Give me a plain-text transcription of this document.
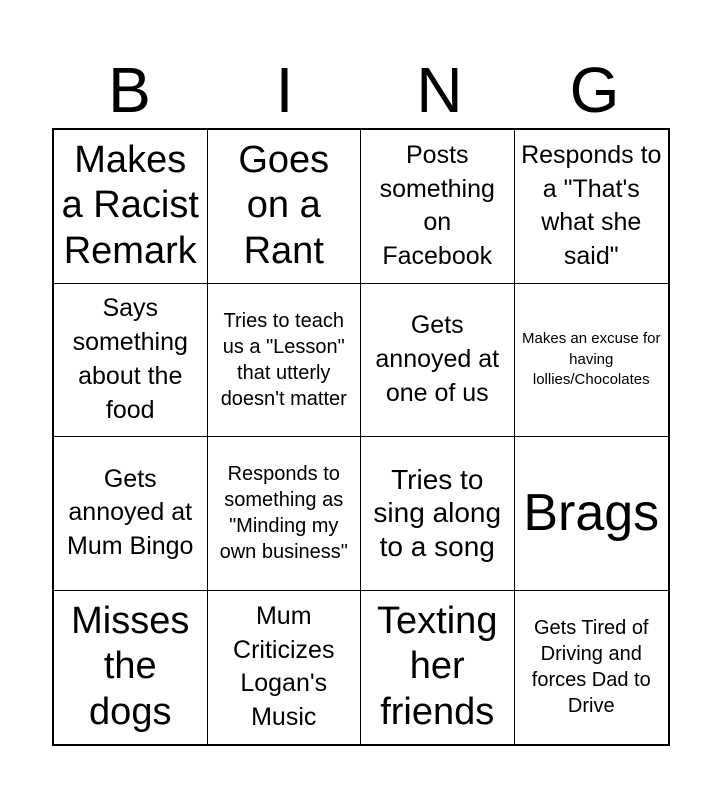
B	I	N	G
Makes a Racist Remark
Goes on a Rant
Posts something on Facebook
Responds to a "That's what she said"
Says something about the food
Tries to teach us a "Lesson" that utterly doesn't matter
Gets annoyed at one of us
Makes an excuse for having lollies/Chocolates
Gets annoyed at Mum Bingo
Responds to something as "Minding my own business"
Tries to sing along to a song
Brags
Misses the dogs
Mum Criticizes Logan's Music
Texting her friends
Gets Tired of Driving and forces Dad to Drive
